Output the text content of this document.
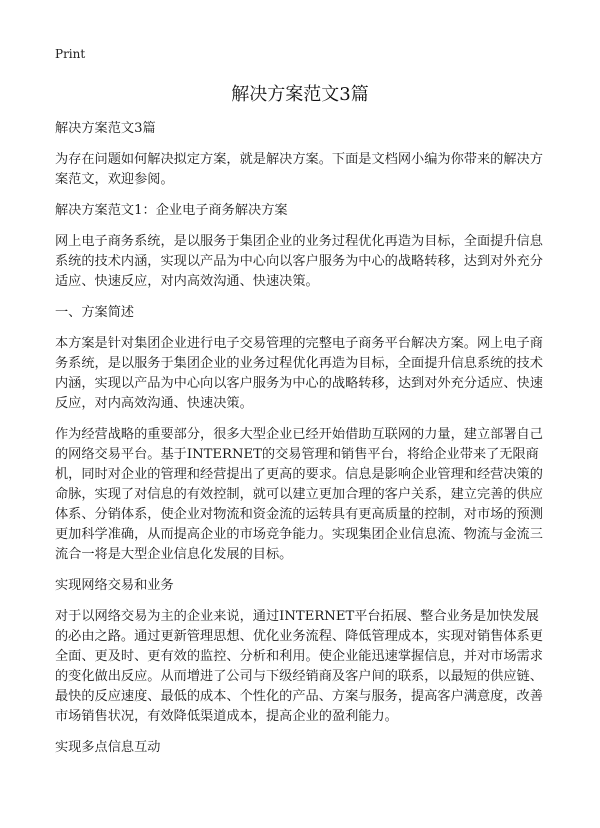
Print
解决方案范文3篇

解决方案范文3篇

为存在问题如何解决拟定方案，就是解决方案。下面是文档网小编为你带来的解决方案范文，欢迎参阅。

解决方案范文1：企业电子商务解决方案

网上电子商务系统，是以服务于集团企业的业务过程优化再造为目标，全面提升信息系统的技术内涵，实现以产品为中心向以客户服务为中心的战略转移，达到对外充分适应、快速反应，对内高效沟通、快速决策。

一、方案简述

本方案是针对集团企业进行电子交易管理的完整电子商务平台解决方案。网上电子商务系统，是以服务于集团企业的业务过程优化再造为目标，全面提升信息系统的技术内涵，实现以产品为中心向以客户服务为中心的战略转移，达到对外充分适应、快速反应，对内高效沟通、快速决策。

作为经营战略的重要部分，很多大型企业已经开始借助互联网的力量，建立部署自己的网络交易平台。基于INTERNET的交易管理和销售平台，将给企业带来了无限商机，同时对企业的管理和经营提出了更高的要求。信息是影响企业管理和经营决策的命脉，实现了对信息的有效控制，就可以建立更加合理的客户关系，建立完善的供应体系、分销体系，使企业对物流和资金流的运转具有更高质量的控制，对市场的预测更加科学准确，从而提高企业的市场竞争能力。实现集团企业信息流、物流与金流三流合一将是大型企业信息化发展的目标。

实现网络交易和业务

对于以网络交易为主的企业来说，通过INTERNET平台拓展、整合业务是加快发展的必由之路。通过更新管理思想、优化业务流程、降低管理成本，实现对销售体系更全面、更及时、更有效的监控、分析和利用。使企业能迅速掌握信息，并对市场需求的变化做出反应。从而增进了公司与下级经销商及客户间的联系，以最短的供应链、最快的反应速度、最低的成本、个性化的产品、方案与服务，提高客户满意度，改善市场销售状况，有效降低渠道成本，提高企业的盈利能力。

实现多点信息互动
